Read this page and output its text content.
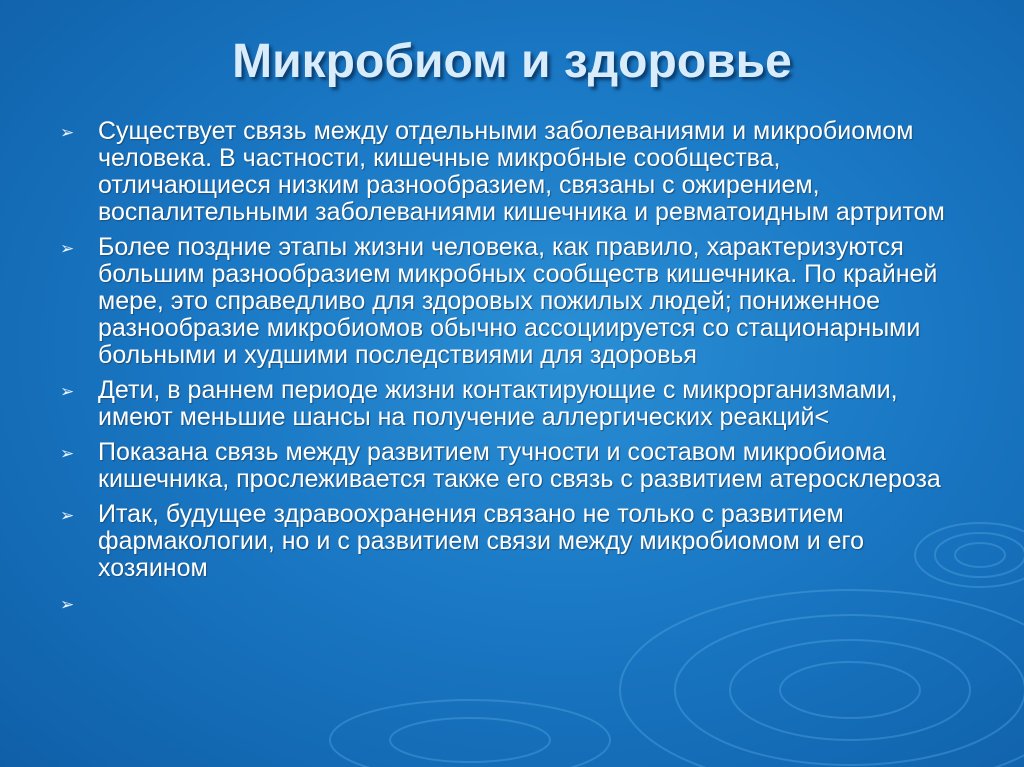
Микробиом и здоровье
➢ Существует связь между отдельными заболеваниями и микробиомом человека. В частности, кишечные микробные сообщества, отличающиеся низким разнообразием, связаны с ожирением, воспалительными заболеваниями кишечника и ревматоидным артритом
➢ Более поздние этапы жизни человека, как правило, характеризуются большим разнообразием микробных сообществ кишечника. По крайней мере, это справедливо для здоровых пожилых людей; пониженное разнообразие микробиомов обычно ассоциируется со стационарными больными и худшими последствиями для здоровья
➢ Дети, в раннем периоде жизни контактирующие с микроргaнизмами, имеют меньшие шансы на получение аллергических реакций<
➢ Показана связь между развитием тучности и составом микробиома кишечника, прослеживается также его связь с развитием атеросклероза
➢ Итак, будущее здравоохранения связано не только с развитием фармакологии, но и с развитием связи между микробиомом и его хозяином
➢
